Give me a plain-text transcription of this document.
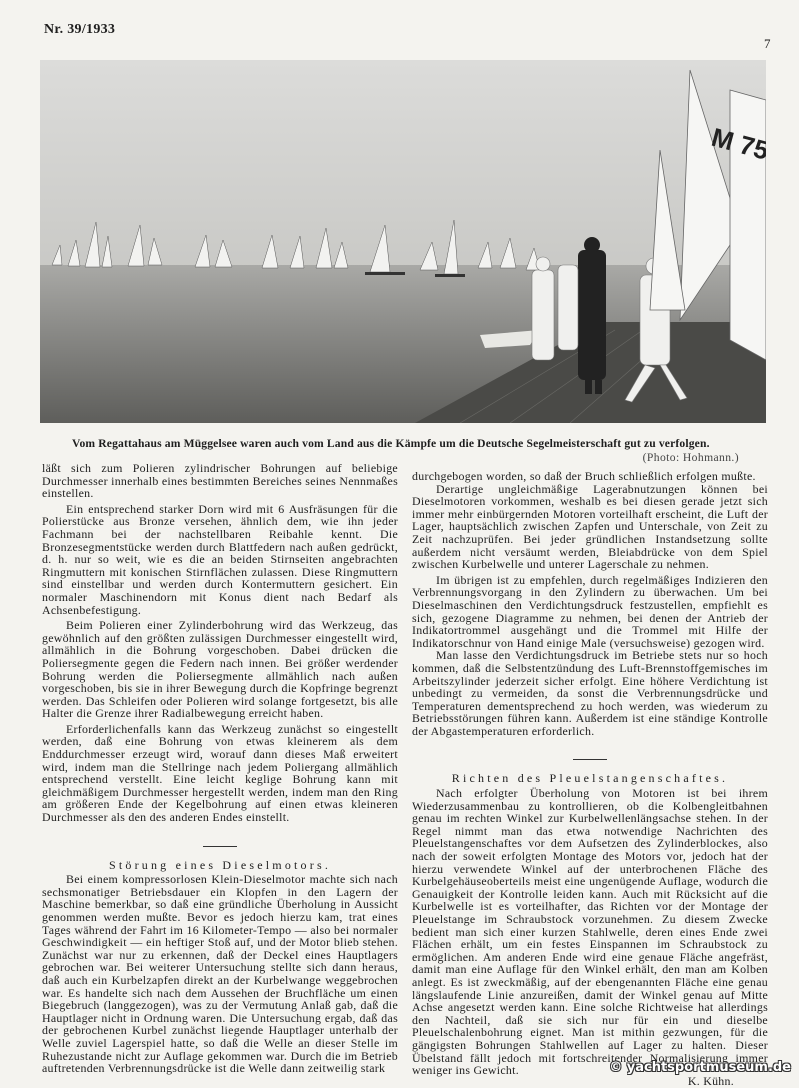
Nr. 39/1933
7
M 75
Vom Regattahaus am Müggelsee waren auch vom Land aus die Kämpfe um die Deutsche Segelmeisterschaft gut zu verfolgen.
(Photo: Hohmann.)

läßt sich zum Polieren zylindrischer Bohrungen auf beliebige Durchmesser innerhalb eines bestimmten Bereiches seines Nennmaßes einstellen.

Ein entsprechend starker Dorn wird mit 6 Ausfräsungen für die Polierstücke aus Bronze versehen, ähnlich dem, wie ihn jeder Fachmann bei der nachstellbaren Reibahle kennt. Die Bronzesegmentstücke werden durch Blattfedern nach außen gedrückt, d. h. nur so weit, wie es die an beiden Stirnseiten angebrachten Ringmuttern mit konischen Stirnflächen zulassen. Diese Ringmuttern sind einstellbar und werden durch Kontermuttern gesichert. Ein normaler Maschinendorn mit Konus dient nach Bedarf als Achsenbefestigung.

Beim Polieren einer Zylinderbohrung wird das Werkzeug, das gewöhnlich auf den größten zulässigen Durchmesser eingestellt wird, allmählich in die Bohrung vorgeschoben. Dabei drücken die Poliersegmente gegen die Federn nach innen. Bei größer werdender Bohrung werden die Poliersegmente allmählich nach außen vorgeschoben, bis sie in ihrer Bewegung durch die Kopfringe begrenzt werden. Das Schleifen oder Polieren wird solange fortgesetzt, bis alle Halter die Grenze ihrer Radialbewegung erreicht haben.

Erforderlichenfalls kann das Werkzeug zunächst so eingestellt werden, daß eine Bohrung von etwas kleinerem als dem Enddurchmesser erzeugt wird, worauf dann dieses Maß erweitert wird, indem man die Stellringe nach jedem Poliergang allmählich entsprechend verstellt. Eine leicht keglige Bohrung kann mit gleichmäßigem Durchmesser hergestellt werden, indem man den Ring am größeren Ende der Kegelbohrung auf einen etwas kleineren Durchmesser als den des anderen Endes einstellt.

Störung eines Dieselmotors.

Bei einem kompressorlosen Klein-Dieselmotor machte sich nach sechsmonatiger Betriebsdauer ein Klopfen in den Lagern der Maschine bemerkbar, so daß eine gründliche Überholung in Aussicht genommen werden mußte. Bevor es jedoch hierzu kam, trat eines Tages während der Fahrt im 16 Kilometer-Tempo — also bei normaler Geschwindigkeit — ein heftiger Stoß auf, und der Motor blieb stehen. Zunächst war nur zu erkennen, daß der Deckel eines Hauptlagers gebrochen war. Bei weiterer Untersuchung stellte sich dann heraus, daß auch ein Kurbelzapfen direkt an der Kurbelwange weggebrochen war. Es handelte sich nach dem Aussehen der Bruchfläche um einen Biegebruch (langgezogen), was zu der Vermutung Anlaß gab, daß die Hauptlager nicht in Ordnung waren. Die Untersuchung ergab, daß das der gebrochenen Kurbel zunächst liegende Hauptlager unterhalb der Welle zuviel Lagerspiel hatte, so daß die Welle an dieser Stelle im Ruhezustande nicht zur Auflage gekommen war. Durch die im Betrieb auftretenden Verbrennungsdrücke ist die Welle dann zeitweilig stark

durchgebogen worden, so daß der Bruch schließlich erfolgen mußte.

Derartige ungleichmäßige Lagerabnutzungen können bei Dieselmotoren vorkommen, weshalb es bei diesen gerade jetzt sich immer mehr einbürgernden Motoren vorteilhaft erscheint, die Luft der Lager, hauptsächlich zwischen Zapfen und Unterschale, von Zeit zu Zeit nachzuprüfen. Bei jeder gründlichen Instandsetzung sollte außerdem nicht versäumt werden, Bleiabdrücke von dem Spiel zwischen Kurbelwelle und unterer Lagerschale zu nehmen.

Im übrigen ist zu empfehlen, durch regelmäßiges Indizieren den Verbrennungsvorgang in den Zylindern zu überwachen. Um bei Dieselmaschinen den Verdichtungsdruck festzustellen, empfiehlt es sich, gezogene Diagramme zu nehmen, bei denen der Antrieb der Indikatortrommel ausgehängt und die Trommel mit Hilfe der Indikatorschnur von Hand einige Male (versuchsweise) gezogen wird.

Man lasse den Verdichtungsdruck im Betriebe stets nur so hoch kommen, daß die Selbstentzündung des Luft-Brennstoffgemisches im Arbeitszylinder jederzeit sicher erfolgt. Eine höhere Verdichtung ist unbedingt zu vermeiden, da sonst die Verbrennungsdrücke und Temperaturen dementsprechend zu hoch werden, was wiederum zu Betriebsstörungen führen kann. Außerdem ist eine ständige Kontrolle der Abgastemperaturen erforderlich.

Richten des Pleuelstangenschaftes.

Nach erfolgter Überholung von Motoren ist bei ihrem Wiederzusammenbau zu kontrollieren, ob die Kolbengleitbahnen genau im rechten Winkel zur Kurbelwellenlängsachse stehen. In der Regel nimmt man das etwa notwendige Nachrichten des Pleuelstangenschaftes vor dem Aufsetzen des Zylinderblockes, also nach der soweit erfolgten Montage des Motors vor, jedoch hat der hierzu verwendete Winkel auf der unterbrochenen Fläche des Kurbelgehäuseoberteils meist eine ungenügende Auflage, wodurch die Genauigkeit der Kontrolle leiden kann. Auch mit Rücksicht auf die Kurbelwelle ist es vorteilhafter, das Richten vor der Montage der Pleuelstange im Schraubstock vorzunehmen. Zu diesem Zwecke bedient man sich einer kurzen Stahlwelle, deren eines Ende zwei Flächen erhält, um ein festes Einspannen im Schraubstock zu ermöglichen. Am anderen Ende wird eine genaue Fläche angefräst, damit man eine Auflage für den Winkel erhält, den man am Kolben anlegt. Es ist zweckmäßig, auf der ebengenannten Fläche eine genau längslaufende Linie anzureißen, damit der Winkel genau auf Mitte Achse angesetzt werden kann. Eine solche Richtweise hat allerdings den Nachteil, daß sie sich nur für ein und dieselbe Pleuelschalenbohrung eignet. Man ist mithin gezwungen, für die gängigsten Bohrungen Stahlwellen auf Lager zu halten. Dieser Übelstand fällt jedoch mit fortschreitender Normalisierung immer weniger ins Gewicht.

K. Kühn.
© yachtsportmuseum.de
